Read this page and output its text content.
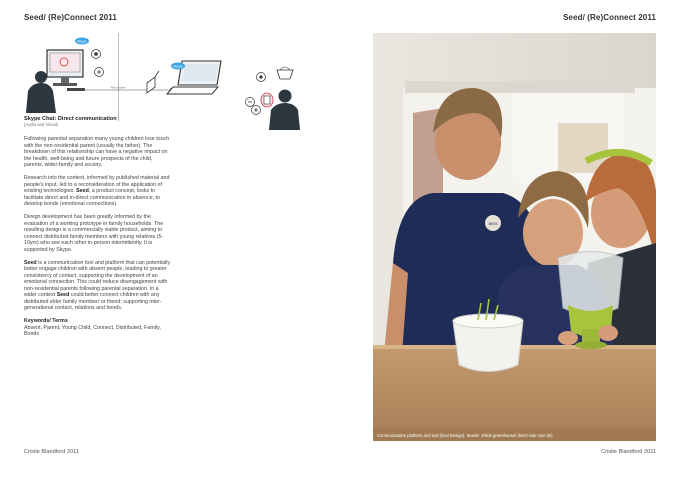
Seed/ (Re)Connect 2011	Seed/ (Re)Connect 2011
Skype
File transfer
Skype
Skype Chat: Direct communication
(Audio and Visual)

Following parental separation many young children lose touch with the non-residential parent (usually the father). The breakdown of this relationship can have a negative impact on the health, well-being and future prospects of the child, parents, wider-family and society.

Research into the context, informed by published material and people's input, led to a reconsideration of the application of existing technologies. Seed, a product concept, looks to facilitate direct and in-direct communication in absence, to develop bonds (emotional connections).

Design development has been greatly informed by the evaluation of a working prototype in family households. The resulting design is a commercially viable product, aiming to connect distributed family members with young relatives (5-10yrs) who see each other in-person intermittently. It is supported by Skype.

Seed is a communication tool and platform that can potentially better engage children with absent people, leading to greater consistency of contact, supporting the development of an emotional connection. This could reduce disengagement with non-residential parents following parental separation. In a wider context Seed could better connect children with any distributed elder family member/ or friend; supporting inter-generational contact, relations and bonds.

Keywords/ Terms

Absent, Parent, Young Child, Connect, Distributed, Family, Bonds

IBSS
Communication platform and tool (final Design): Seeds- childs greenhouse/ direct side note (B)
Cristie Blandford 2011	Cristie Blandford 2011
